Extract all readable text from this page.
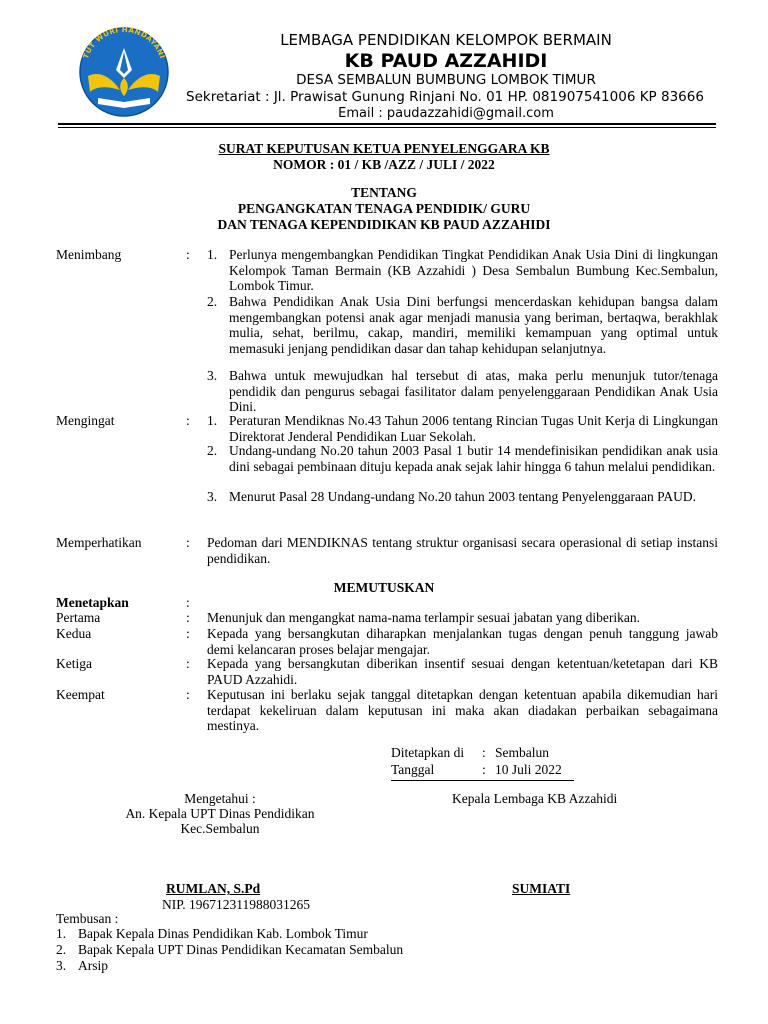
TUT WURI HANDAYANI
LEMBAGA PENDIDIKAN KELOMPOK BERMAIN
KB PAUD AZZAHIDI
DESA SEMBALUN BUMBUNG LOMBOK TIMUR
Sekretariat : Jl. Prawisat Gunung Rinjani No. 01 HP. 081907541006 KP 83666
Email : paudazzahidi@gmail.com
SURAT KEPUTUSAN KETUA PENYELENGGARA KB
NOMOR : 01 / KB /AZZ / JULI / 2022
TENTANG
PENGANGKATAN TENAGA PENDIDIK/ GURU
DAN TENAGA KEPENDIDIKAN KB PAUD AZZAHIDI
Menimbang	: 1. Perlunya mengembangkan Pendidikan Tingkat Pendidikan Anak Usia Dini di lingkungan Kelompok Taman Bermain (KB Azzahidi ) Desa Sembalun Bumbung Kec.Sembalun, Lombok Timur.
2. Bahwa Pendidikan Anak Usia Dini berfungsi mencerdaskan kehidupan bangsa dalam mengembangkan potensi anak agar menjadi manusia yang beriman, bertaqwa, berakhlak mulia, sehat, berilmu, cakap, mandiri, memiliki kemampuan yang optimal untuk memasuki jenjang pendidikan dasar dan tahap kehidupan selanjutnya.
3. Bahwa untuk mewujudkan hal tersebut di atas, maka perlu menunjuk tutor/tenaga pendidik dan pengurus sebagai fasilitator dalam penyelenggaraan Pendidikan Anak Usia Dini.
Mengingat	: 1. Peraturan Mendiknas No.43 Tahun 2006 tentang Rincian Tugas Unit Kerja di Lingkungan Direktorat Jenderal Pendidikan Luar Sekolah.
2. Undang-undang No.20 tahun 2003 Pasal 1 butir 14 mendefinisikan pendidikan anak usia dini sebagai pembinaan dituju kepada anak sejak lahir hingga 6 tahun melalui pendidikan.
3. Menurut Pasal 28 Undang-undang No.20 tahun 2003 tentang Penyelenggaraan PAUD.
Memperhatikan	: Pedoman dari MENDIKNAS tentang struktur organisasi secara operasional di setiap instansi pendidikan.
MEMUTUSKAN
Menetapkan	:
Pertama	: Menunjuk dan mengangkat nama-nama terlampir sesuai jabatan yang diberikan.
Kedua	: Kepada yang bersangkutan diharapkan menjalankan tugas dengan penuh tanggung jawab demi kelancaran proses belajar mengajar.
Ketiga	: Kepada yang bersangkutan diberikan insentif sesuai dengan ketentuan/ketetapan dari KB PAUD Azzahidi.
Keempat	: Keputusan ini berlaku sejak tanggal ditetapkan dengan ketentuan apabila dikemudian hari terdapat kekeliruan dalam keputusan ini maka akan diadakan perbaikan sebagaimana mestinya.
Ditetapkan di : Sembalun
Tanggal	: 10 Juli 2022
Mengetahui :
An. Kepala UPT Dinas Pendidikan
Kec.Sembalun
Kepala Lembaga KB Azzahidi
RUMLAN, S.Pd
NIP. 196712311988031265
SUMIATI
Tembusan :
1. Bapak Kepala Dinas Pendidikan Kab. Lombok Timur
2. Bapak Kepala UPT Dinas Pendidikan Kecamatan Sembalun
3. Arsip
